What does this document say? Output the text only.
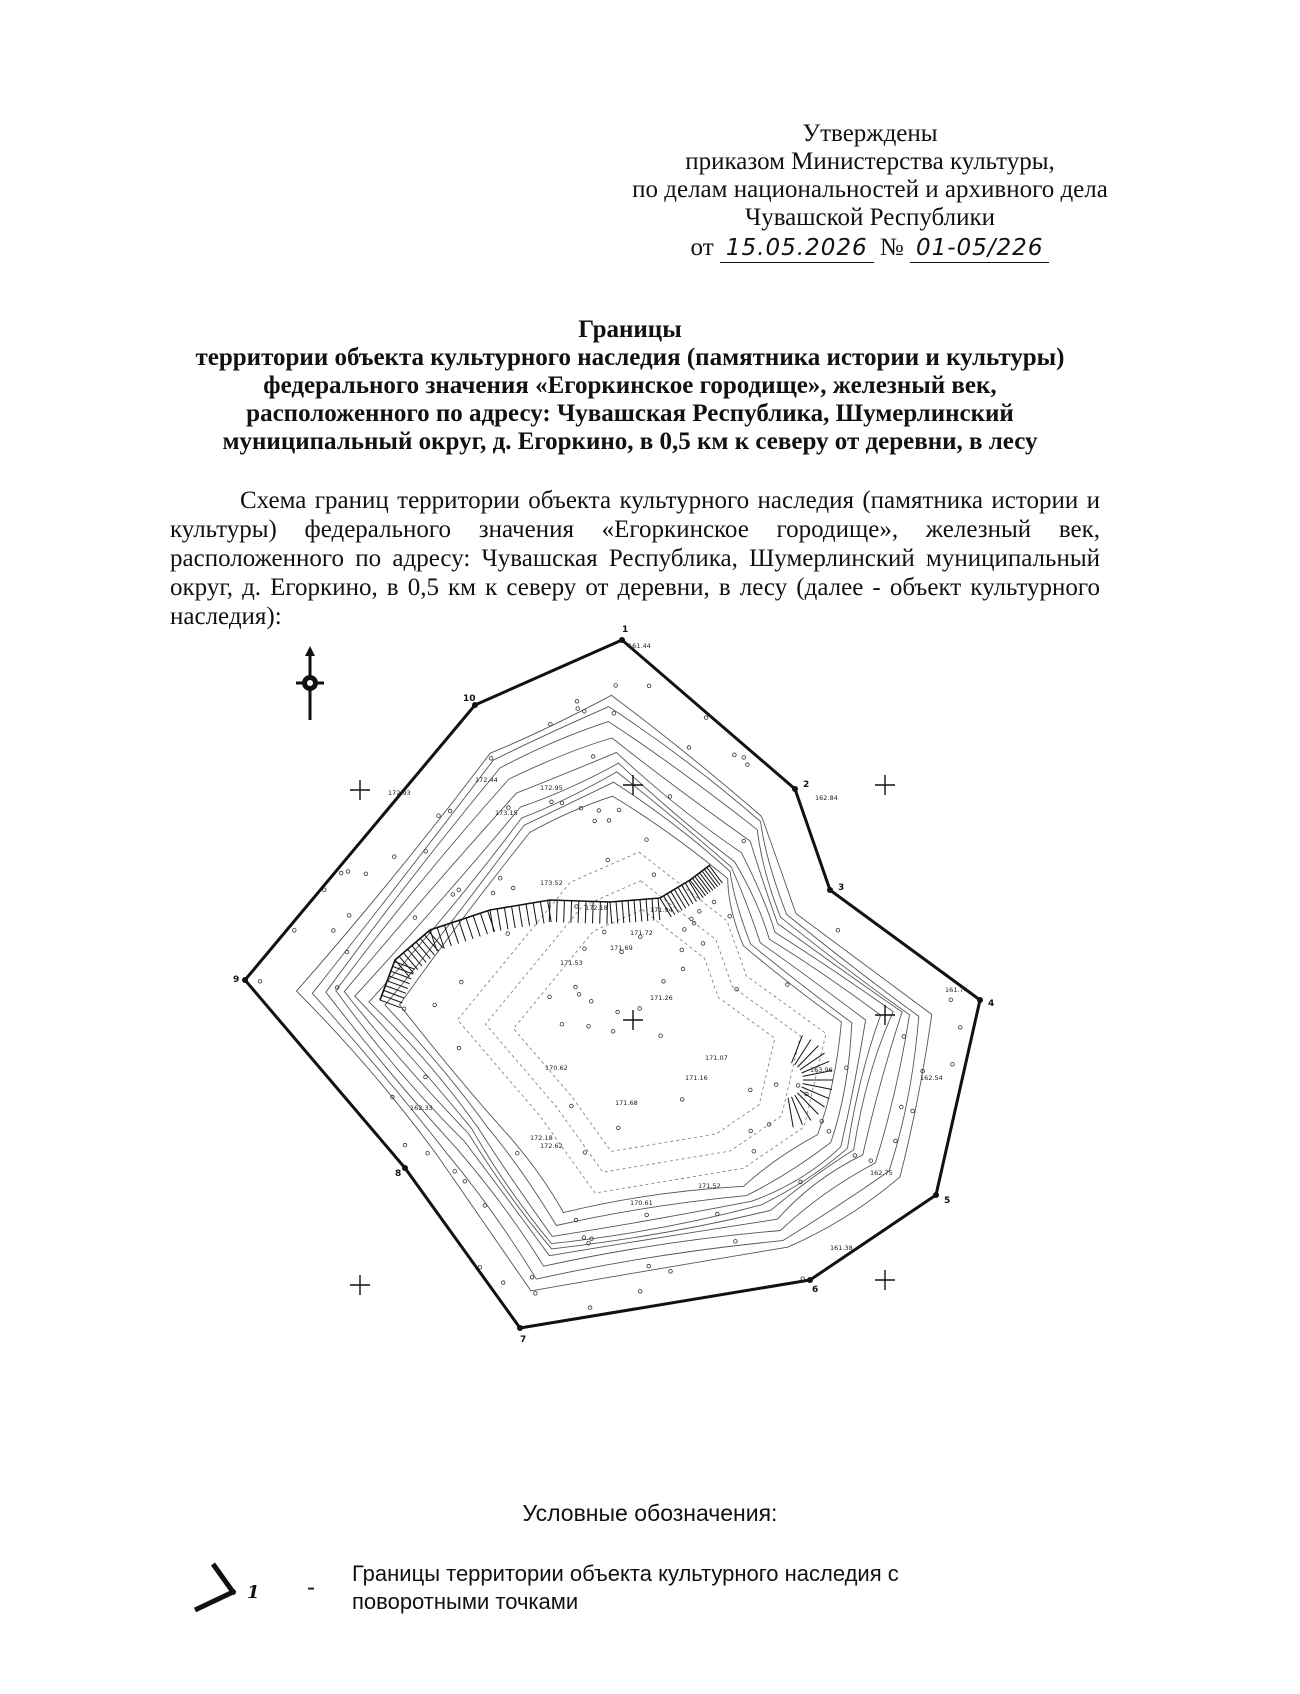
Утверждены
приказом Министерства культуры,
по делам национальностей и архивного дела
Чувашской Республики
от 15.05.2026 № 01-05/226
Границы
территории объекта культурного наследия (памятника истории и культуры)
федерального значения «Егоркинское городище», железный век,
расположенного по адресу: Чувашская Республика, Шумерлинский
муниципальный округ, д. Егоркино, в 0,5 км к северу от деревни, в лесу

Схема границ территории объекта культурного наследия (памятника истории и культуры) федерального значения «Егоркинское городище», железный век, расположенного по адресу: Чувашская Республика, Шумерлинский муниципальный округ, д. Егоркино, в 0,5 км к северу от деревни, в лесу (далее - объект культурного наследия):	1
2
3
4
5
6
7
8
9
10
161.44
162.84
172.95
173.15
172.44
172.93
173.52
172.18
171.53
171.94
171.72
171.69
171.26
171.07
170.62
171.16
171.68
172.18
172.62
171.52
170.61
162.54
161.74
162.75
161.38
163.96
162.33
Условные обозначения:
1 -
Границы территории объекта культурного наследия с поворотными точками
